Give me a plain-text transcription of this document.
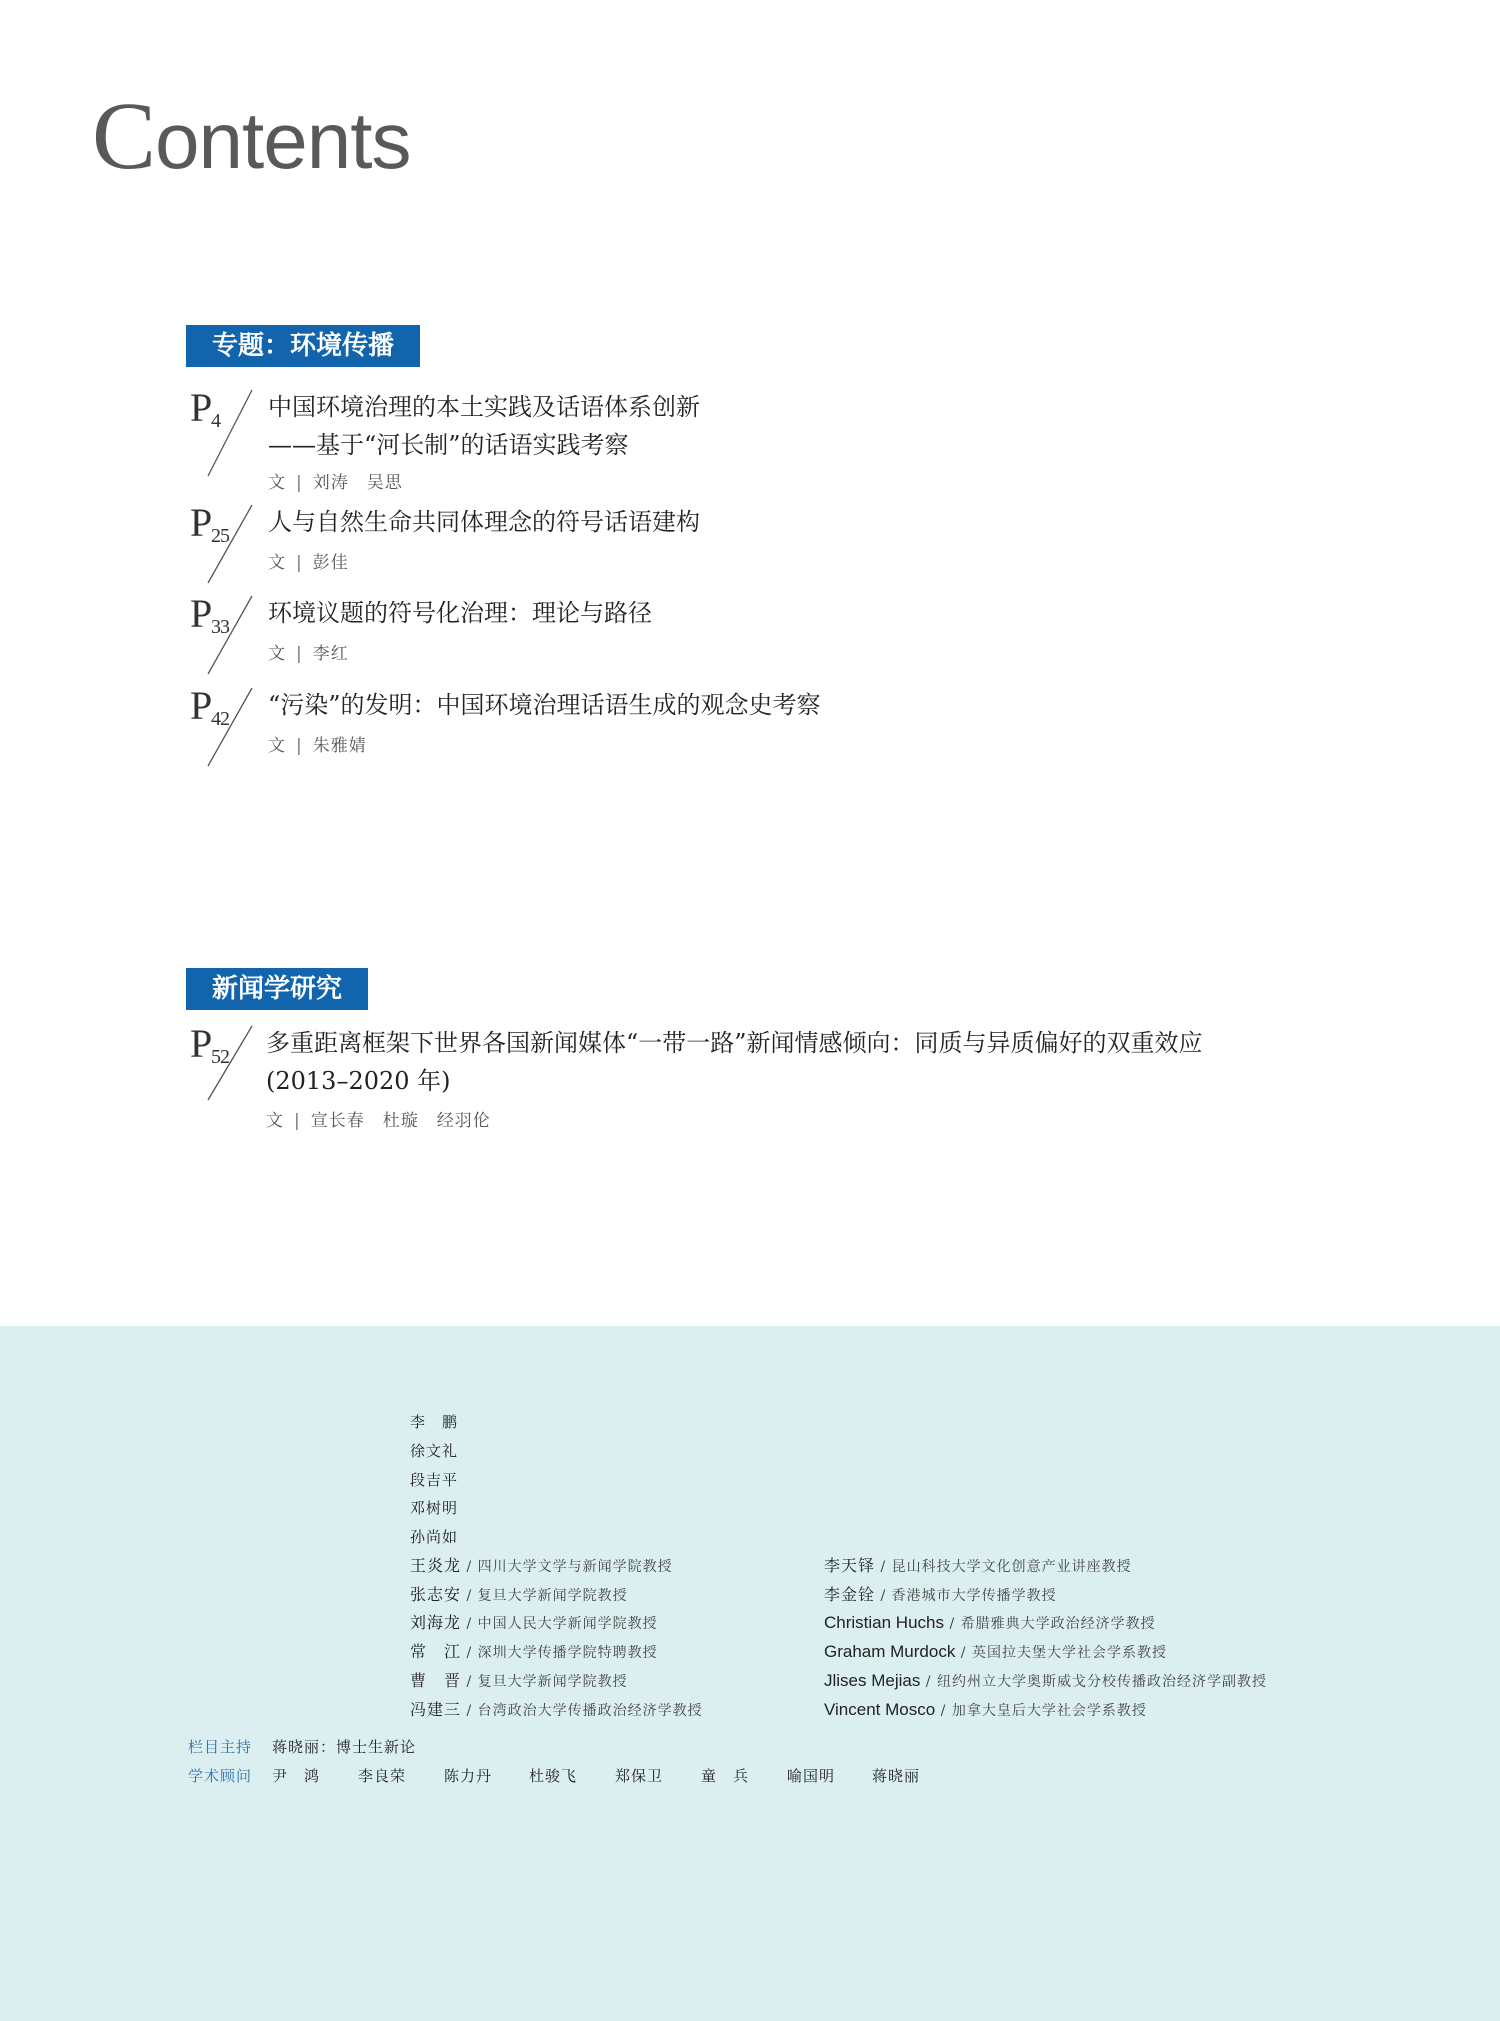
Contents
专题：环境传播
P
4 中国环境治理的本土实践及话语体系创新
——基于“河长制”的话语实践考察
文 | 刘涛　吴思
P
25 人与自然生命共同体理念的符号话语建构
文 | 彭佳
P
33 环境议题的符号化治理：理论与路径
文 | 李红
P
42 “污染”的发明：中国环境治理话语生成的观念史考察
文 | 朱雅婧
新闻学研究
P
52 多重距离框架下世界各国新闻媒体“一带一路”新闻情感倾向：同质与异质偏好的双重效应
(2013–2020 年)
文 | 宣长春　杜璇　经羽伦
李　鹏
徐文礼
段吉平
邓树明
孙尚如
王炎龙 / 四川大学文学与新闻学院教授	李天铎 / 昆山科技大学文化创意产业讲座教授
张志安 / 复旦大学新闻学院教授	李金铨 / 香港城市大学传播学教授
刘海龙 / 中国人民大学新闻学院教授	Christian Huchs / 希腊雅典大学政治经济学教授
常　江 / 深圳大学传播学院特聘教授	Graham Murdock / 英国拉夫堡大学社会学系教授
曹　晋 / 复旦大学新闻学院教授	Jlises Mejias / 纽约州立大学奥斯威戈分校传播政治经济学副教授
冯建三 / 台湾政治大学传播政治经济学教授	Vincent Mosco / 加拿大皇后大学社会学系教授
栏目主持 蒋晓丽：博士生新论
学术顾问 尹　鸿	李良荣	陈力丹 杜骏飞	郑保卫	童　兵	喻国明 蒋晓丽
